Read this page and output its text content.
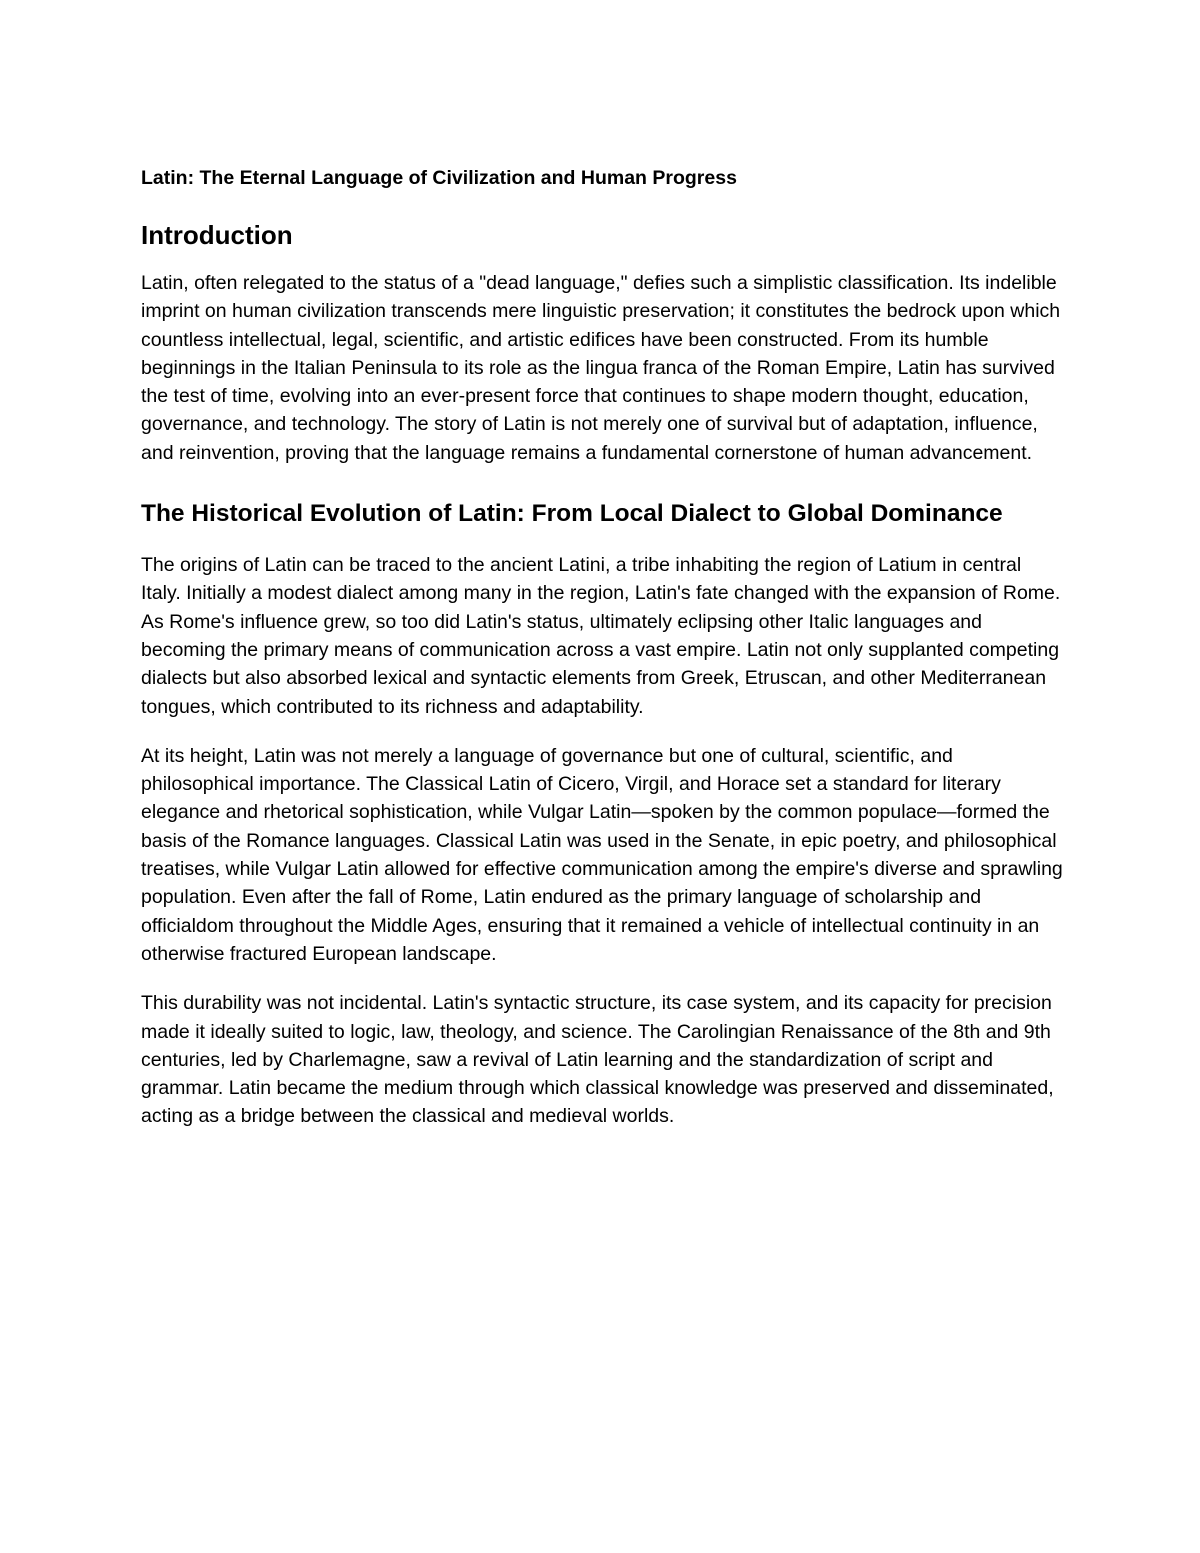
Latin: The Eternal Language of Civilization and Human Progress

Introduction

Latin, often relegated to the status of a "dead language," defies such a simplistic classification. Its indelible imprint on human civilization transcends mere linguistic preservation; it constitutes the bedrock upon which countless intellectual, legal, scientific, and artistic edifices have been constructed. From its humble beginnings in the Italian Peninsula to its role as the lingua franca of the Roman Empire, Latin has survived the test of time, evolving into an ever-present force that continues to shape modern thought, education, governance, and technology. The story of Latin is not merely one of survival but of adaptation, influence, and reinvention, proving that the language remains a fundamental cornerstone of human advancement.

The Historical Evolution of Latin: From Local Dialect to Global Dominance

The origins of Latin can be traced to the ancient Latini, a tribe inhabiting the region of Latium in central Italy. Initially a modest dialect among many in the region, Latin's fate changed with the expansion of Rome. As Rome's influence grew, so too did Latin's status, ultimately eclipsing other Italic languages and becoming the primary means of communication across a vast empire. Latin not only supplanted competing dialects but also absorbed lexical and syntactic elements from Greek, Etruscan, and other Mediterranean tongues, which contributed to its richness and adaptability.

At its height, Latin was not merely a language of governance but one of cultural, scientific, and philosophical importance. The Classical Latin of Cicero, Virgil, and Horace set a standard for literary elegance and rhetorical sophistication, while Vulgar Latin—spoken by the common populace—formed the basis of the Romance languages. Classical Latin was used in the Senate, in epic poetry, and philosophical treatises, while Vulgar Latin allowed for effective communication among the empire's diverse and sprawling population. Even after the fall of Rome, Latin endured as the primary language of scholarship and officialdom throughout the Middle Ages, ensuring that it remained a vehicle of intellectual continuity in an otherwise fractured European landscape.

This durability was not incidental. Latin's syntactic structure, its case system, and its capacity for precision made it ideally suited to logic, law, theology, and science. The Carolingian Renaissance of the 8th and 9th centuries, led by Charlemagne, saw a revival of Latin learning and the standardization of script and grammar. Latin became the medium through which classical knowledge was preserved and disseminated, acting as a bridge between the classical and medieval worlds.
